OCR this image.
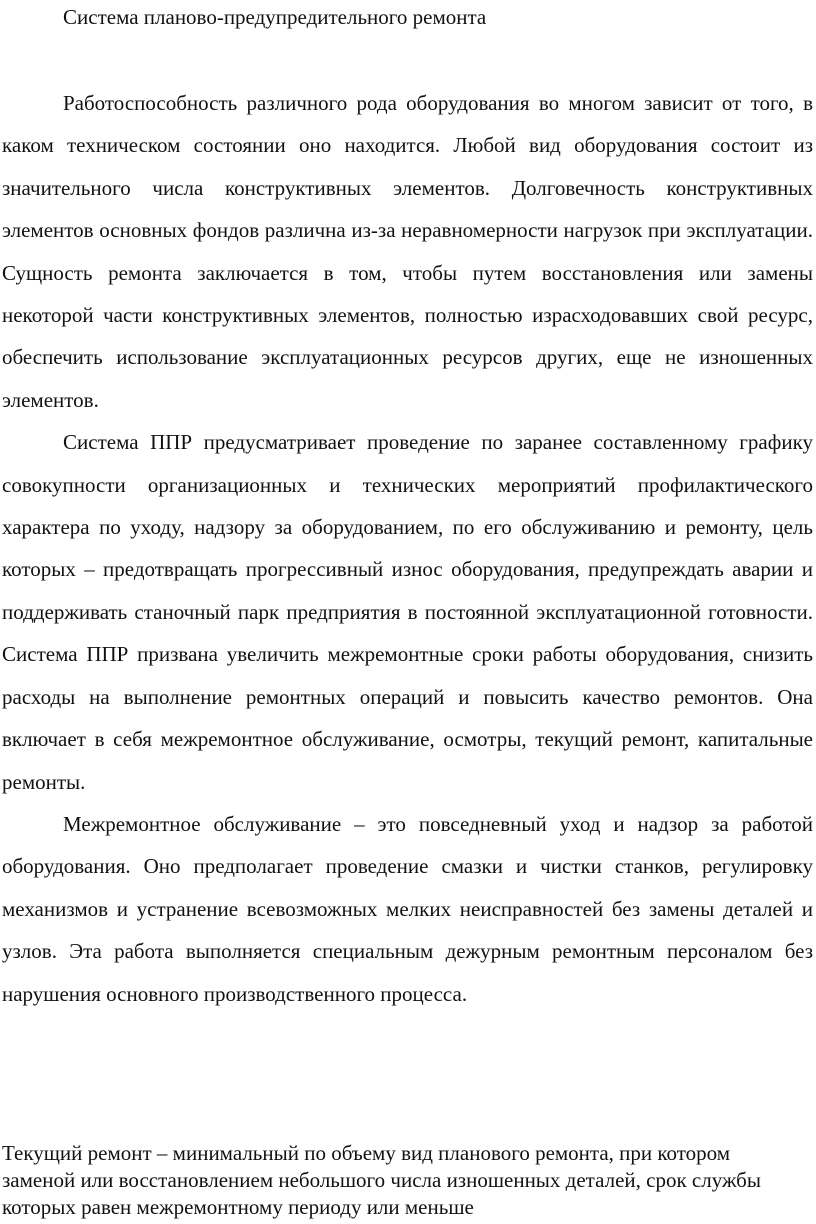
Система планово-предупредительного ремонта

Работоспособность различного рода оборудования во многом зависит от того, в каком техническом состоянии оно находится. Любой вид оборудования состоит из значительного числа конструктивных элементов. Долговечность конструктивных элементов основных фондов различна из-за неравномерности нагрузок при эксплуатации. Сущность ремонта заключается в том, чтобы путем восстановления или замены некоторой части конструктивных элементов, полностью израсходовавших свой ресурс, обеспечить использование эксплуатационных ресурсов других, еще не изношенных элементов.

Система ППР предусматривает проведение по заранее составленному графику совокупности организационных и технических мероприятий профилактического характера по уходу, надзору за оборудованием, по его обслуживанию и ремонту, цель которых – предотвращать прогрессивный износ оборудования, предупреждать аварии и поддерживать станочный парк предприятия в постоянной эксплуатационной готовности. Система ППР призвана увеличить межремонтные сроки работы оборудования, снизить расходы на выполнение ремонтных операций и повысить качество ремонтов. Она включает в себя межремонтное обслуживание, осмотры, текущий ремонт, капитальные ремонты.

Межремонтное обслуживание – это повседневный уход и надзор за работой оборудования. Оно предполагает проведение смазки и чистки станков, регулировку механизмов и устранение всевозможных мелких неисправностей без замены деталей и узлов. Эта работа выполняется специальным дежурным ремонтным персоналом без нарушения основного производственного процесса.

Текущий ремонт – минимальный по объему вид планового ремонта, при котором заменой или восстановлением небольшого числа изношенных деталей, срок службы которых равен межремонтному периоду или меньше
